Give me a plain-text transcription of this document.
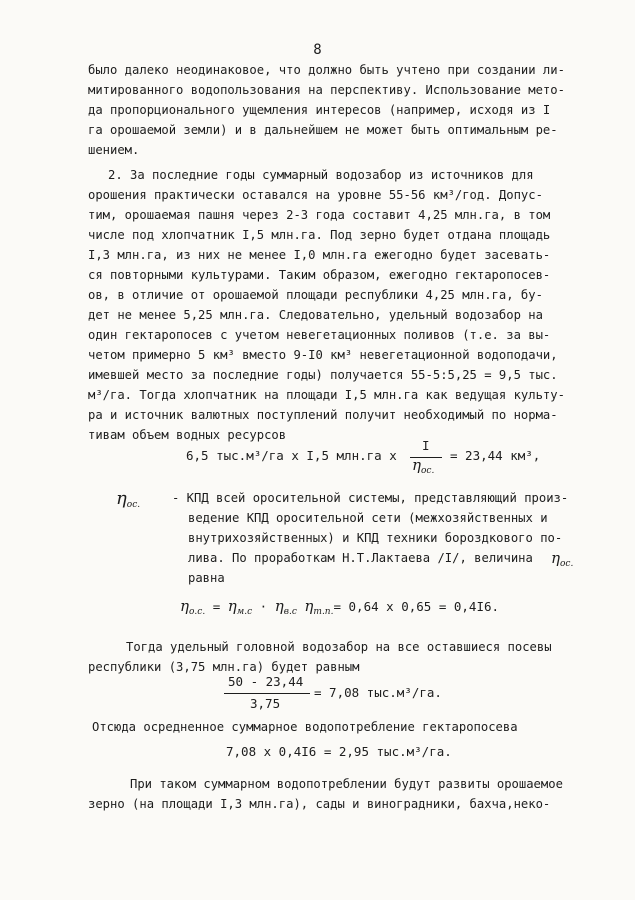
8
было далеко неодинаковое, что должно быть учтено при создании ли-
митированного водопользования на перспективу. Использование мето-
да пропорционального ущемления интересов (например, исходя из I
га орошаемой земли) и в дальнейшем не может быть оптимальным ре-
шением.
2. За последние годы суммарный водозабор из источников для
орошения практически оставался на уровне 55-56 км³/год. Допус-
тим, орошаемая пашня через 2-3 года составит 4,25 млн.га, в том
числе под хлопчатник I,5 млн.га. Под зерно будет отдана площадь
I,3 млн.га, из них не менее I,0 млн.га ежегодно будет засевать-
ся повторными культурами. Таким образом, ежегодно гектаропосев-
ов, в отличие от орошаемой площади республики 4,25 млн.га, бу-
дет не менее 5,25 млн.га. Следовательно, удельный водозабор на
один гектаропосев с учетом невегетационных поливов (т.е. за вы-
четом примерно 5 км³ вместо 9-I0 км³ невегетационной водоподачи,
имевшей место за последние годы) получается 55-5:5,25 = 9,5 тыс.
м³/га. Тогда хлопчатник на площади I,5 млн.га как ведущая культу-
ра и источник валютных поступлений получит необходимый по норма-
тивам объем водных ресурсов
6,5 тыс.м³/га x I,5 млн.га x
I
$\eta_{ос.}$
= 23,44 км³,
$\eta_{ос.}$	- КПД всей оросительной системы, представляющий произ-
ведение КПД оросительной сети (межхозяйственных и
внутрихозяйственных) и КПД техники бороздкового по-
лива. По проработкам Н.Т.Лактаева /I/, величина	$\eta_{ос.}$
равна
$\eta_{о.с.} = \eta_{м.с} \cdot \eta_{в.с}$ $\eta_{т.п.}= 0,64$ x 0,65 = 0,4I6.
Тогда удельный головной водозабор на все оставшиеся посевы
республики (3,75 млн.га) будет равным
50 - 23,44
3,75
= 7,08 тыс.м³/га.
Отсюда осредненное суммарное водопотребление гектаропосева
7,08 x 0,4I6 = 2,95 тыс.м³/га.
При таком суммарном водопотреблении будут развиты орошаемое
зерно (на площади I,3 млн.га), сады и виноградники, бахча,неко-
